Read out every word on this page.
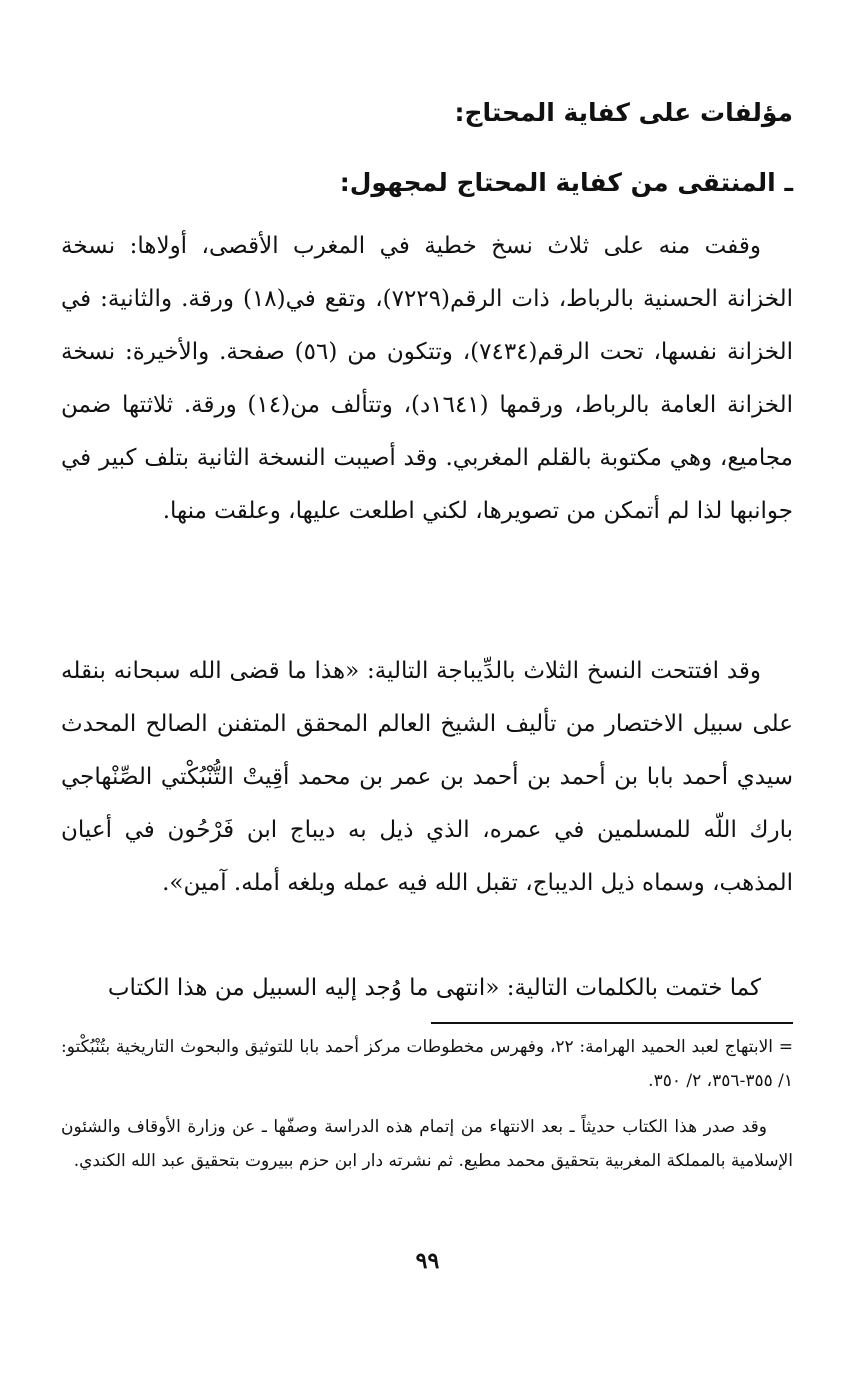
مؤلفات على كفاية المحتاج:
ـ المنتقى من كفاية المحتاج لمجهول:

وقفت منه على ثلاث نسخ خطية في المغرب الأقصى، أولاها: نسخة الخزانة الحسنية بالرباط، ذات الرقم(٧٢٢٩)، وتقع في(١٨) ورقة. والثانية: في الخزانة نفسها، تحت الرقم(٧٤٣٤)، وتتكون من (٥٦) صفحة. والأخيرة: نسخة الخزانة العامة بالرباط، ورقمها (١٦٤١د)، وتتألف من(١٤) ورقة. ثلاثتها ضمن مجاميع، وهي مكتوبة بالقلم المغربي. وقد أصيبت النسخة الثانية بتلف كبير في جوانبها لذا لم أتمكن من تصويرها، لكني اطلعت عليها، وعلقت منها.

وقد افتتحت النسخ الثلاث بالدِّيباجة التالية: «هذا ما قضى الله سبحانه بنقله على سبيل الاختصار من تأليف الشيخ العالم المحقق المتفنن الصالح المحدث سيدي أحمد بابا بن أحمد بن أحمد بن عمر بن محمد أقِيتْ التُّنْبُكْتي الصِّنْهاجي بارك اللّه للمسلمين في عمره، الذي ذيل به ديباج ابن فَرْحُون في أعيان المذهب، وسماه ذيل الديباج، تقبل الله فيه عمله وبلغه أمله. آمين».

كما ختمت بالكلمات التالية: «انتهى ما وُجد إليه السبيل من هذا الكتاب

= الابتهاج لعبد الحميد الهرامة: ٢٢، وفهرس مخطوطات مركز أحمد بابا للتوثيق والبحوث التاريخية بتُنْبُكْتو: ١/ ٣٥٥-٣٥٦، ٢/ ٣٥٠.

وقد صدر هذا الكتاب حديثاً ـ بعد الانتهاء من إتمام هذه الدراسة وصفّها ـ عن وزارة الأوقاف والشئون الإسلامية بالمملكة المغربية بتحقيق محمد مطيع. ثم نشرته دار ابن حزم ببيروت بتحقيق عبد الله الكندي.

٩٩
